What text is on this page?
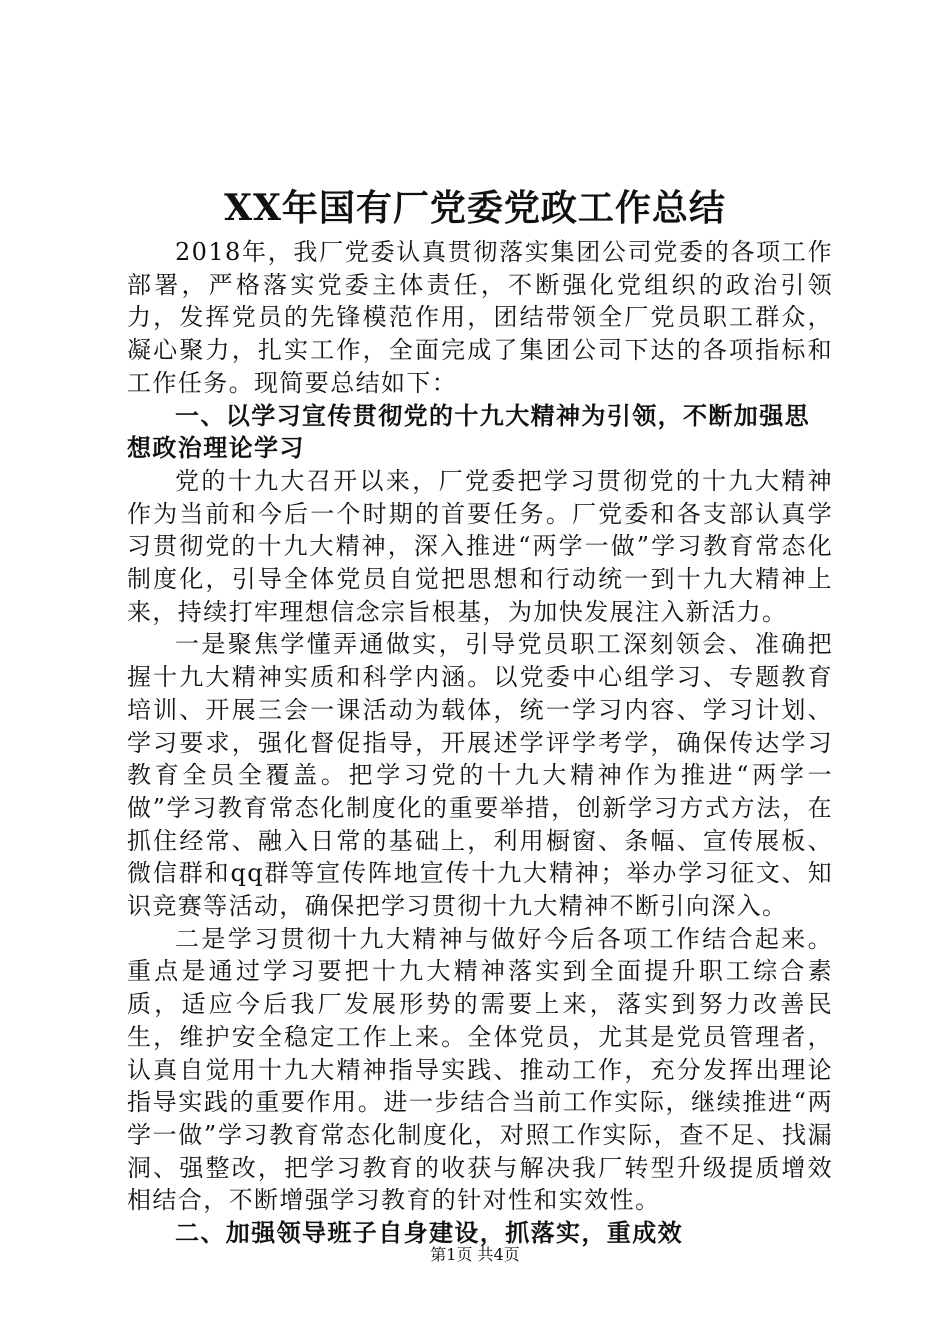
XX年国有厂党委党政工作总结

2018年，我厂党委认真贯彻落实集团公司党委的各项工作部署，严格落实党委主体责任，不断强化党组织的政治引领力，发挥党员的先锋模范作用，团结带领全厂党员职工群众，凝心聚力，扎实工作，全面完成了集团公司下达的各项指标和工作任务。现简要总结如下：

一、以学习宣传贯彻党的十九大精神为引领，不断加强思想政治理论学习

党的十九大召开以来，厂党委把学习贯彻党的十九大精神作为当前和今后一个时期的首要任务。厂党委和各支部认真学习贯彻党的十九大精神，深入推进“两学一做”学习教育常态化制度化，引导全体党员自觉把思想和行动统一到十九大精神上来，持续打牢理想信念宗旨根基，为加快发展注入新活力。

一是聚焦学懂弄通做实，引导党员职工深刻领会、准确把握十九大精神实质和科学内涵。以党委中心组学习、专题教育培训、开展三会一课活动为载体，统一学习内容、学习计划、学习要求，强化督促指导，开展述学评学考学，确保传达学习教育全员全覆盖。把学习党的十九大精神作为推进“两学一做”学习教育常态化制度化的重要举措，创新学习方式方法，在抓住经常、融入日常的基础上，利用橱窗、条幅、宣传展板、微信群和qq群等宣传阵地宣传十九大精神；举办学习征文、知识竞赛等活动，确保把学习贯彻十九大精神不断引向深入。

二是学习贯彻十九大精神与做好今后各项工作结合起来。重点是通过学习要把十九大精神落实到全面提升职工综合素质，适应今后我厂发展形势的需要上来，落实到努力改善民生，维护安全稳定工作上来。全体党员，尤其是党员管理者，认真自觉用十九大精神指导实践、推动工作，充分发挥出理论指导实践的重要作用。进一步结合当前工作实际，继续推进“两学一做”学习教育常态化制度化，对照工作实际，查不足、找漏洞、强整改，把学习教育的收获与解决我厂转型升级提质增效相结合，不断增强学习教育的针对性和实效性。

二、加强领导班子自身建设，抓落实，重成效

第1页 共4页
